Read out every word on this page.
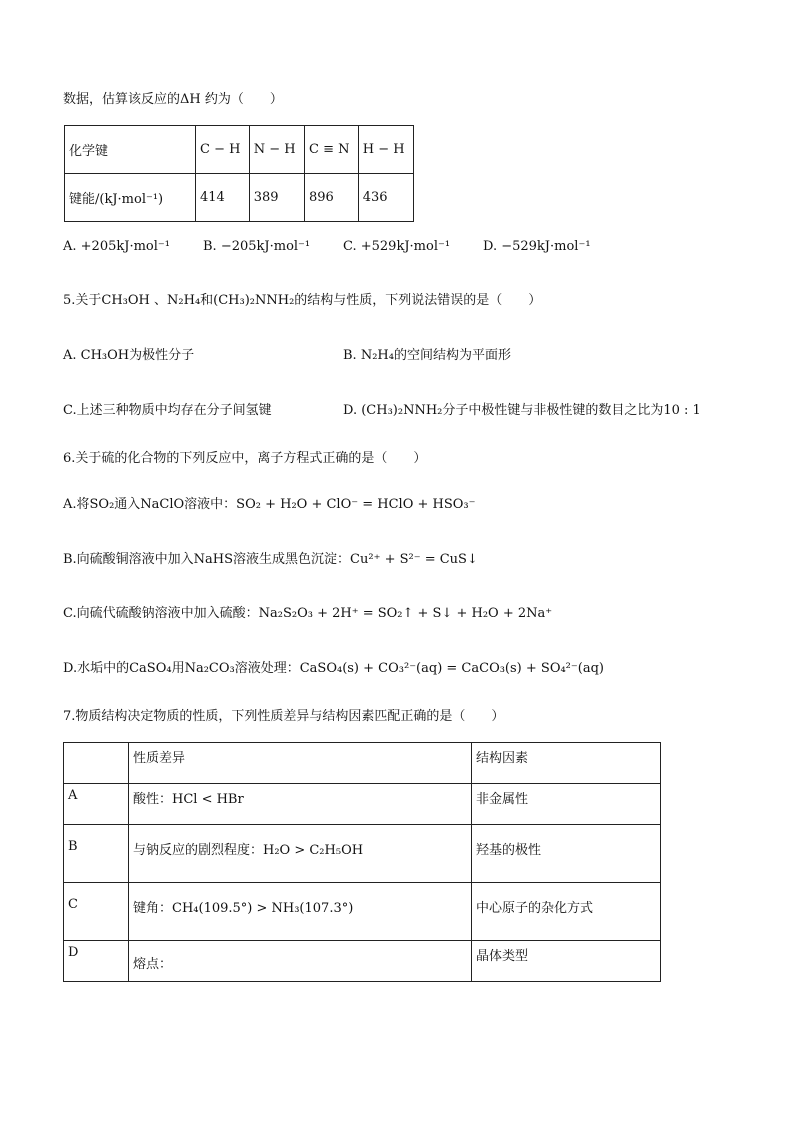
数据，估算该反应的ΔH 约为（　　）
化学键	C − H	N − H	C ≡ N	H − H
键能/(kJ·mol⁻¹)	414	389	896	436
A. +205kJ·mol⁻¹	B. −205kJ·mol⁻¹	C. +529kJ·mol⁻¹	D. −529kJ·mol⁻¹
5.关于CH₃OH 、N₂H₄和(CH₃)₂NNH₂的结构与性质，下列说法错误的是（　　）
A. CH₃OH为极性分子	B. N₂H₄的空间结构为平面形
C.上述三种物质中均存在分子间氢键	D. (CH₃)₂NNH₂分子中极性键与非极性键的数目之比为10 : 1
6.关于硫的化合物的下列反应中，离子方程式正确的是（　　）
A.将SO₂通入NaClO溶液中：SO₂ + H₂O + ClO⁻ = HClO + HSO₃⁻
B.向硫酸铜溶液中加入NaHS溶液生成黑色沉淀：Cu²⁺ + S²⁻ = CuS↓
C.向硫代硫酸钠溶液中加入硫酸：Na₂S₂O₃ + 2H⁺ = SO₂↑ + S↓ + H₂O + 2Na⁺
D.水垢中的CaSO₄用Na₂CO₃溶液处理：CaSO₄(s) + CO₃²⁻(aq) = CaCO₃(s) + SO₄²⁻(aq)
7.物质结构决定物质的性质，下列性质差异与结构因素匹配正确的是（　　）
	性质差异	结构因素
A	酸性：HCl < HBr	非金属性
B	与钠反应的剧烈程度：H₂O > C₂H₅OH	羟基的极性
C	键角：CH₄(109.5°) > NH₃(107.3°)	中心原子的杂化方式
D	熔点：	晶体类型
